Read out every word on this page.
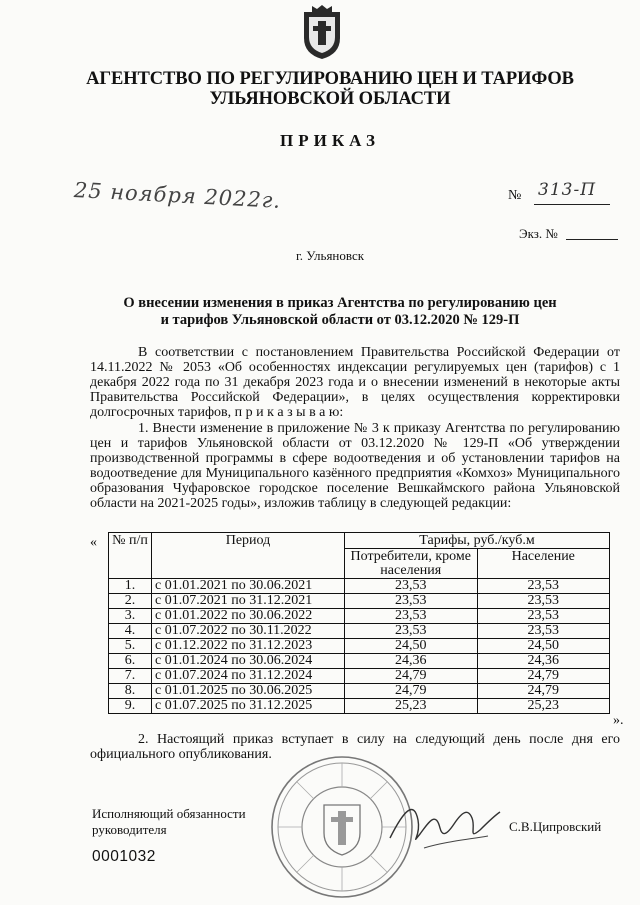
АГЕНТСТВО ПО РЕГУЛИРОВАНИЮ ЦЕН И ТАРИФОВ
УЛЬЯНОВСКОЙ ОБЛАСТИ
ПРИКАЗ
25 ноября 2022г.	№ 313-П
Экз. №
г. Ульяновск
О внесении изменения в приказ Агентства по регулированию цен
и тарифов Ульяновской области от 03.12.2020 № 129-П
В соответствии с постановлением Правительства Российской Федерации от 14.11.2022 № 2053 «Об особенностях индексации регулируемых цен (тарифов) с 1 декабря 2022 года по 31 декабря 2023 года и о внесении изменений в некоторые акты Правительства Российской Федерации», в целях осуществления корректировки долгосрочных тарифов, п р и к а з ы в а ю:
1. Внести изменение в приложение № 3 к приказу Агентства по регулированию цен и тарифов Ульяновской области от 03.12.2020 № 129-П «Об утверждении производственной программы в сфере водоотведения и об установлении тарифов на водоотведение для Муниципального казённого предприятия «Комхоз» Муниципального образования Чуфаровское городское поселение Вешкаймского района Ульяновской области на 2021-2025 годы», изложив таблицу в следующей редакции:
« № п/п	Период	Тарифы, руб./куб.м	
		Потребители, кроме населения	Население
1.	с 01.01.2021 по 30.06.2021	23,53	23,53
2.	с 01.07.2021 по 31.12.2021	23,53	23,53
3.	с 01.01.2022 по 30.06.2022	23,53	23,53
4.	с 01.07.2022 по 30.11.2022	23,53	23,53
5.	с 01.12.2022 по 31.12.2023	24,50	24,50
6.	с 01.01.2024 по 30.06.2024	24,36	24,36
7.	с 01.07.2024 по 31.12.2024	24,79	24,79
8.	с 01.01.2025 по 30.06.2025	24,79	24,79
9.	с 01.07.2025 по 31.12.2025	25,23	25,23
».
2. Настоящий приказ вступает в силу на следующий день после дня его официального опубликования.
Исполняющий обязанности
руководителя	С.В.Ципровский
0001032
